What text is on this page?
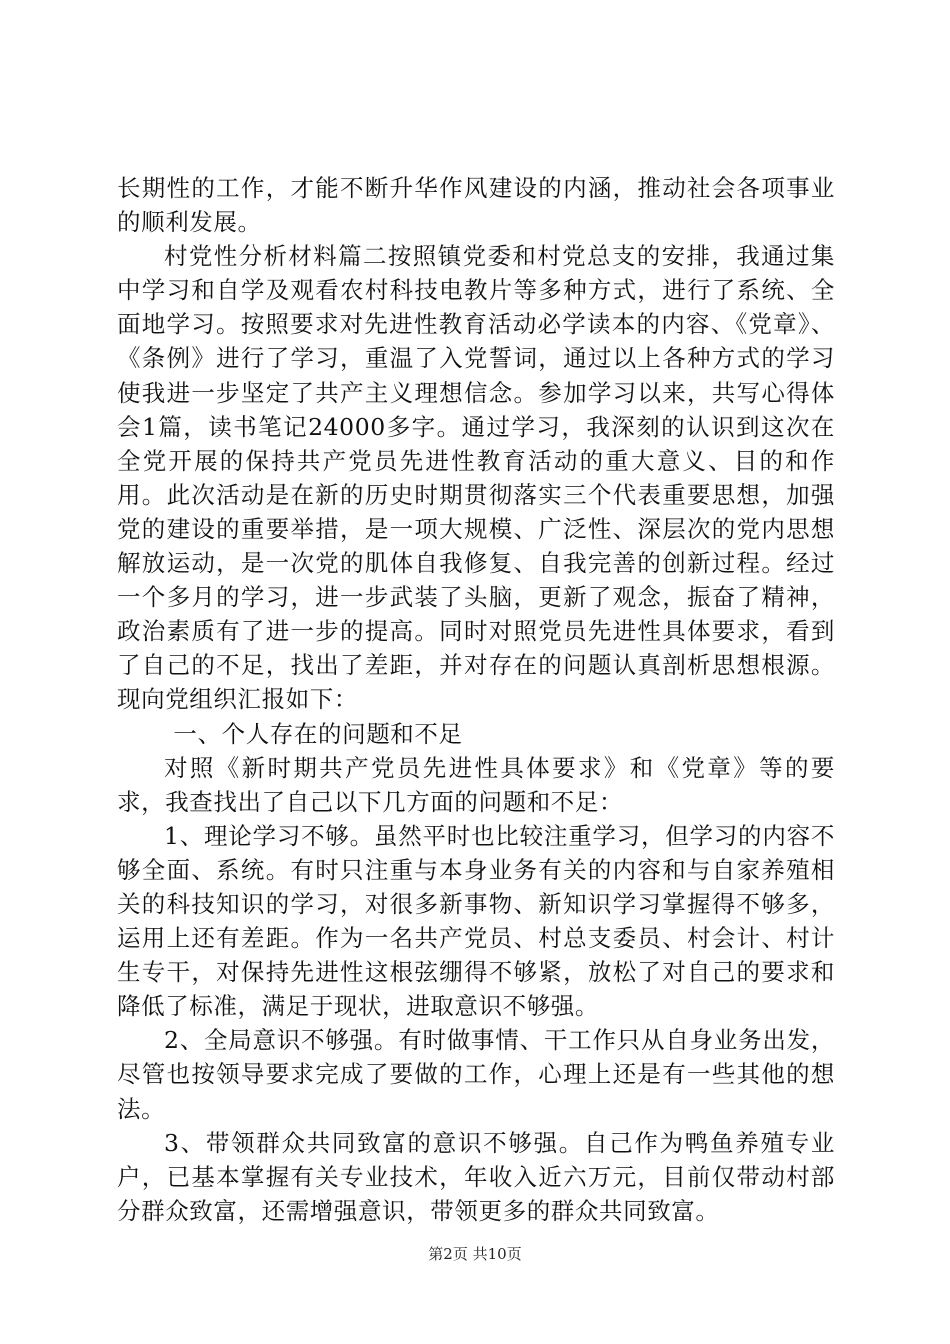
长期性的工作，才能不断升华作风建设的内涵，推动社会各项事业的顺利发展。

村党性分析材料篇二按照镇党委和村党总支的安排，我通过集中学习和自学及观看农村科技电教片等多种方式，进行了系统、全面地学习。按照要求对先进性教育活动必学读本的内容、《党章》、《条例》进行了学习，重温了入党誓词，通过以上各种方式的学习使我进一步坚定了共产主义理想信念。参加学习以来，共写心得体会1篇，读书笔记24000多字。通过学习，我深刻的认识到这次在全党开展的保持共产党员先进性教育活动的重大意义、目的和作用。此次活动是在新的历史时期贯彻落实三个代表重要思想，加强党的建设的重要举措，是一项大规模、广泛性、深层次的党内思想解放运动，是一次党的肌体自我修复、自我完善的创新过程。经过一个多月的学习，进一步武装了头脑，更新了观念，振奋了精神，政治素质有了进一步的提高。同时对照党员先进性具体要求，看到了自己的不足，找出了差距，并对存在的问题认真剖析思想根源。现向党组织汇报如下：

一、个人存在的问题和不足

对照《新时期共产党员先进性具体要求》和《党章》等的要求，我查找出了自己以下几方面的问题和不足：

1、理论学习不够。虽然平时也比较注重学习，但学习的内容不够全面、系统。有时只注重与本身业务有关的内容和与自家养殖相关的科技知识的学习，对很多新事物、新知识学习掌握得不够多，运用上还有差距。作为一名共产党员、村总支委员、村会计、村计生专干，对保持先进性这根弦绷得不够紧，放松了对自己的要求和降低了标准，满足于现状，进取意识不够强。

2、全局意识不够强。有时做事情、干工作只从自身业务出发，尽管也按领导要求完成了要做的工作，心理上还是有一些其他的想法。

3、带领群众共同致富的意识不够强。自己作为鸭鱼养殖专业户，已基本掌握有关专业技术，年收入近六万元，目前仅带动村部分群众致富，还需增强意识，带领更多的群众共同致富。

第2页 共10页
